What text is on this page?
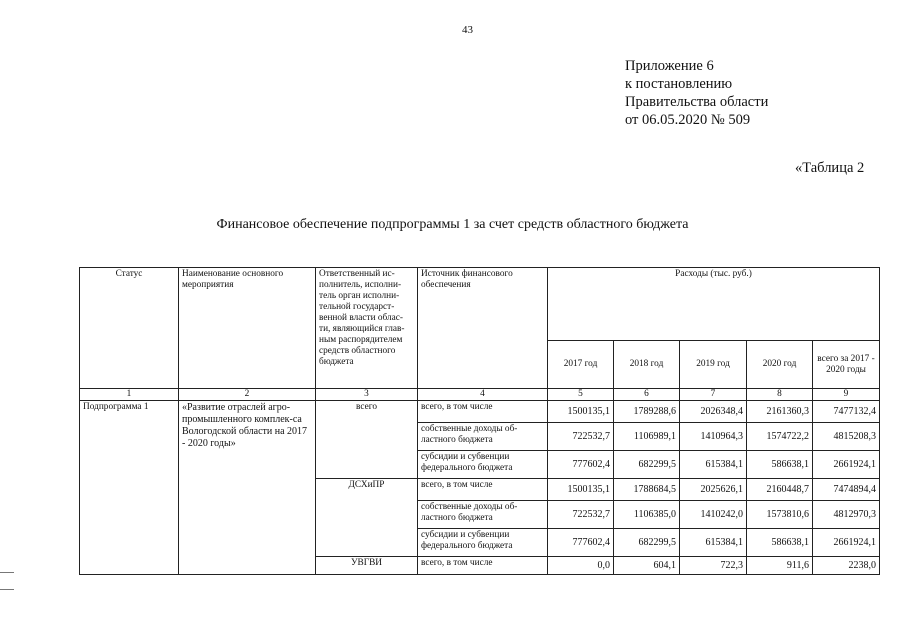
43
Приложение 6
к постановлению
Правительства области
от 06.05.2020 № 509
«Таблица 2
Финансовое обеспечение подпрограммы 1 за счет средств областного бюджета
Статус	Наименование основного мероприятия	Ответственный ис-полнитель, исполни-тель орган исполни-тельной государст-венной власти облас-ти, являющийся глав-ным распорядителем средств областного бюджета	Источник финансового обеспечения	Расходы (тыс. руб.)				
				2017 год	2018 год	2019 год	2020 год	всего за 2017 - 2020 годы
1	2	3	4	5	6	7	8	9
Подпрограмма 1	«Развитие отраслей агро-промышленного комплек-са Вологодской области на 2017 - 2020 годы»	всего	всего, в том числе	1500135,1	1789288,6	2026348,4	2161360,3	7477132,4
			собственные доходы об-ластного бюджета	722532,7	1106989,1	1410964,3	1574722,2	4815208,3
			субсидии и субвенции федерального бюджета	777602,4	682299,5	615384,1	586638,1	2661924,1
		ДСХиПР	всего, в том числе	1500135,1	1788684,5	2025626,1	2160448,7	7474894,4
			собственные доходы об-ластного бюджета	722532,7	1106385,0	1410242,0	1573810,6	4812970,3
			субсидии и субвенции федерального бюджета	777602,4	682299,5	615384,1	586638,1	2661924,1
		УВГВИ	всего, в том числе	0,0	604,1	722,3	911,6	2238,0
